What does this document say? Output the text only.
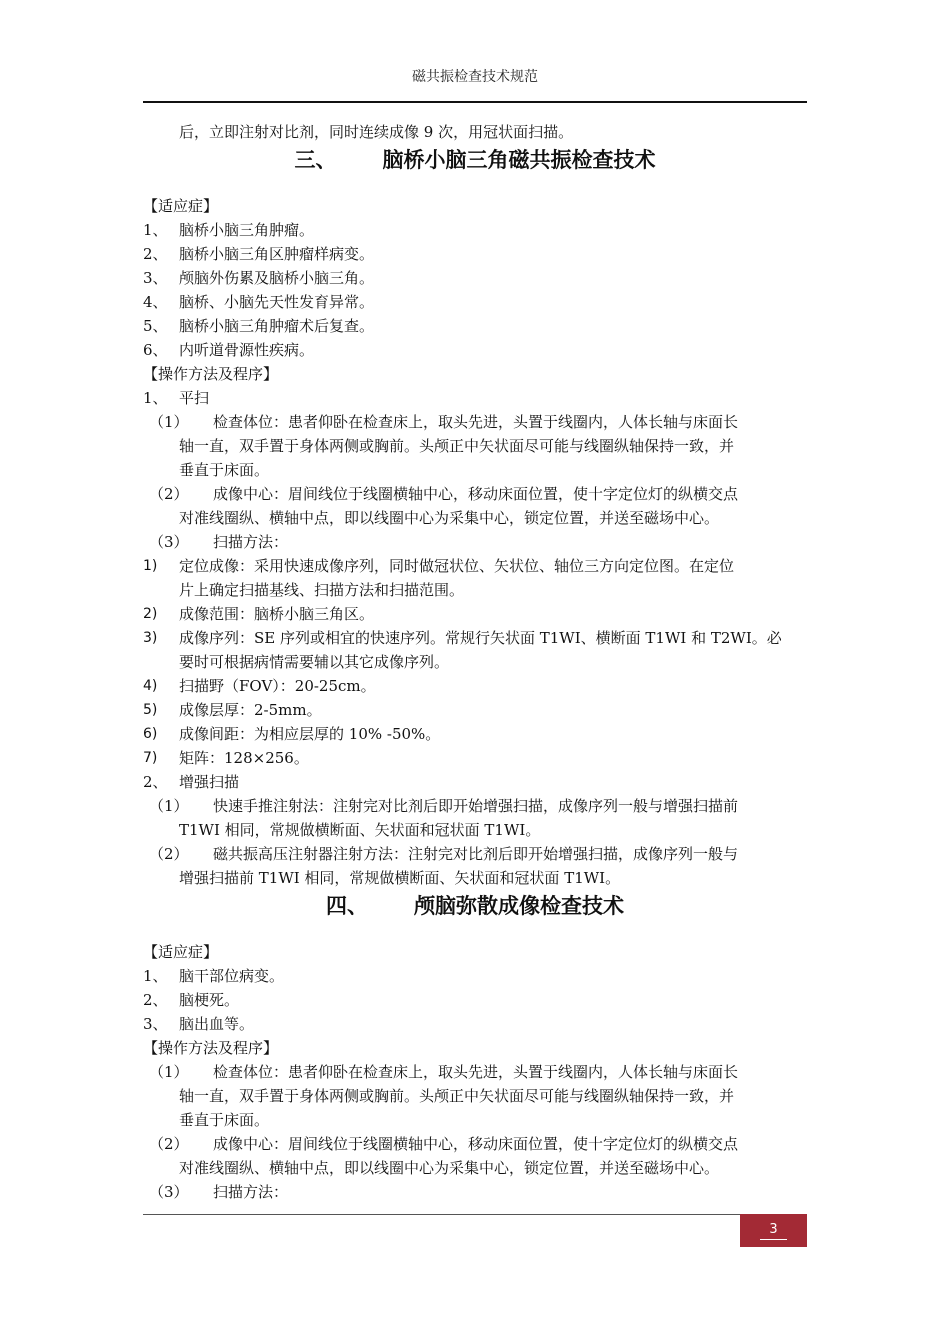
磁共振检查技术规范
后，立即注射对比剂，同时连续成像 9 次，用冠状面扫描。
三、 脑桥小脑三角磁共振检查技术
【适应症】
1、 脑桥小脑三角肿瘤。
2、 脑桥小脑三角区肿瘤样病变。
3、 颅脑外伤累及脑桥小脑三角。
4、 脑桥、小脑先天性发育异常。
5、 脑桥小脑三角肿瘤术后复查。
6、 内听道骨源性疾病。
【操作方法及程序】
1、 平扫
（1） 检查体位：患者仰卧在检查床上，取头先进，头置于线圈内，人体长轴与床面长
轴一直，双手置于身体两侧或胸前。头颅正中矢状面尽可能与线圈纵轴保持一致，并
垂直于床面。
（2） 成像中心：眉间线位于线圈横轴中心，移动床面位置，使十字定位灯的纵横交点
对准线圈纵、横轴中点，即以线圈中心为采集中心，锁定位置，并送至磁场中心。
（3） 扫描方法：
1) 定位成像：采用快速成像序列，同时做冠状位、矢状位、轴位三方向定位图。在定位
片上确定扫描基线、扫描方法和扫描范围。
2) 成像范围：脑桥小脑三角区。
3) 成像序列：SE 序列或相宜的快速序列。常规行矢状面 T1WI、横断面 T1WI 和 T2WI。必
要时可根据病情需要辅以其它成像序列。
4) 扫描野（FOV）：20-25cm。
5) 成像层厚：2-5mm。
6) 成像间距：为相应层厚的 10% -50%。
7) 矩阵：128×256。
2、 增强扫描
（1） 快速手推注射法：注射完对比剂后即开始增强扫描，成像序列一般与增强扫描前
T1WI 相同，常规做横断面、矢状面和冠状面 T1WI。
（2） 磁共振高压注射器注射方法：注射完对比剂后即开始增强扫描，成像序列一般与
增强扫描前 T1WI 相同，常规做横断面、矢状面和冠状面 T1WI。
四、 颅脑弥散成像检查技术
【适应症】
1、 脑干部位病变。
2、 脑梗死。
3、 脑出血等。
【操作方法及程序】
（1） 检查体位：患者仰卧在检查床上，取头先进，头置于线圈内，人体长轴与床面长
轴一直，双手置于身体两侧或胸前。头颅正中矢状面尽可能与线圈纵轴保持一致，并
垂直于床面。
（2） 成像中心：眉间线位于线圈横轴中心，移动床面位置，使十字定位灯的纵横交点
对准线圈纵、横轴中点，即以线圈中心为采集中心，锁定位置，并送至磁场中心。
（3） 扫描方法：
3
